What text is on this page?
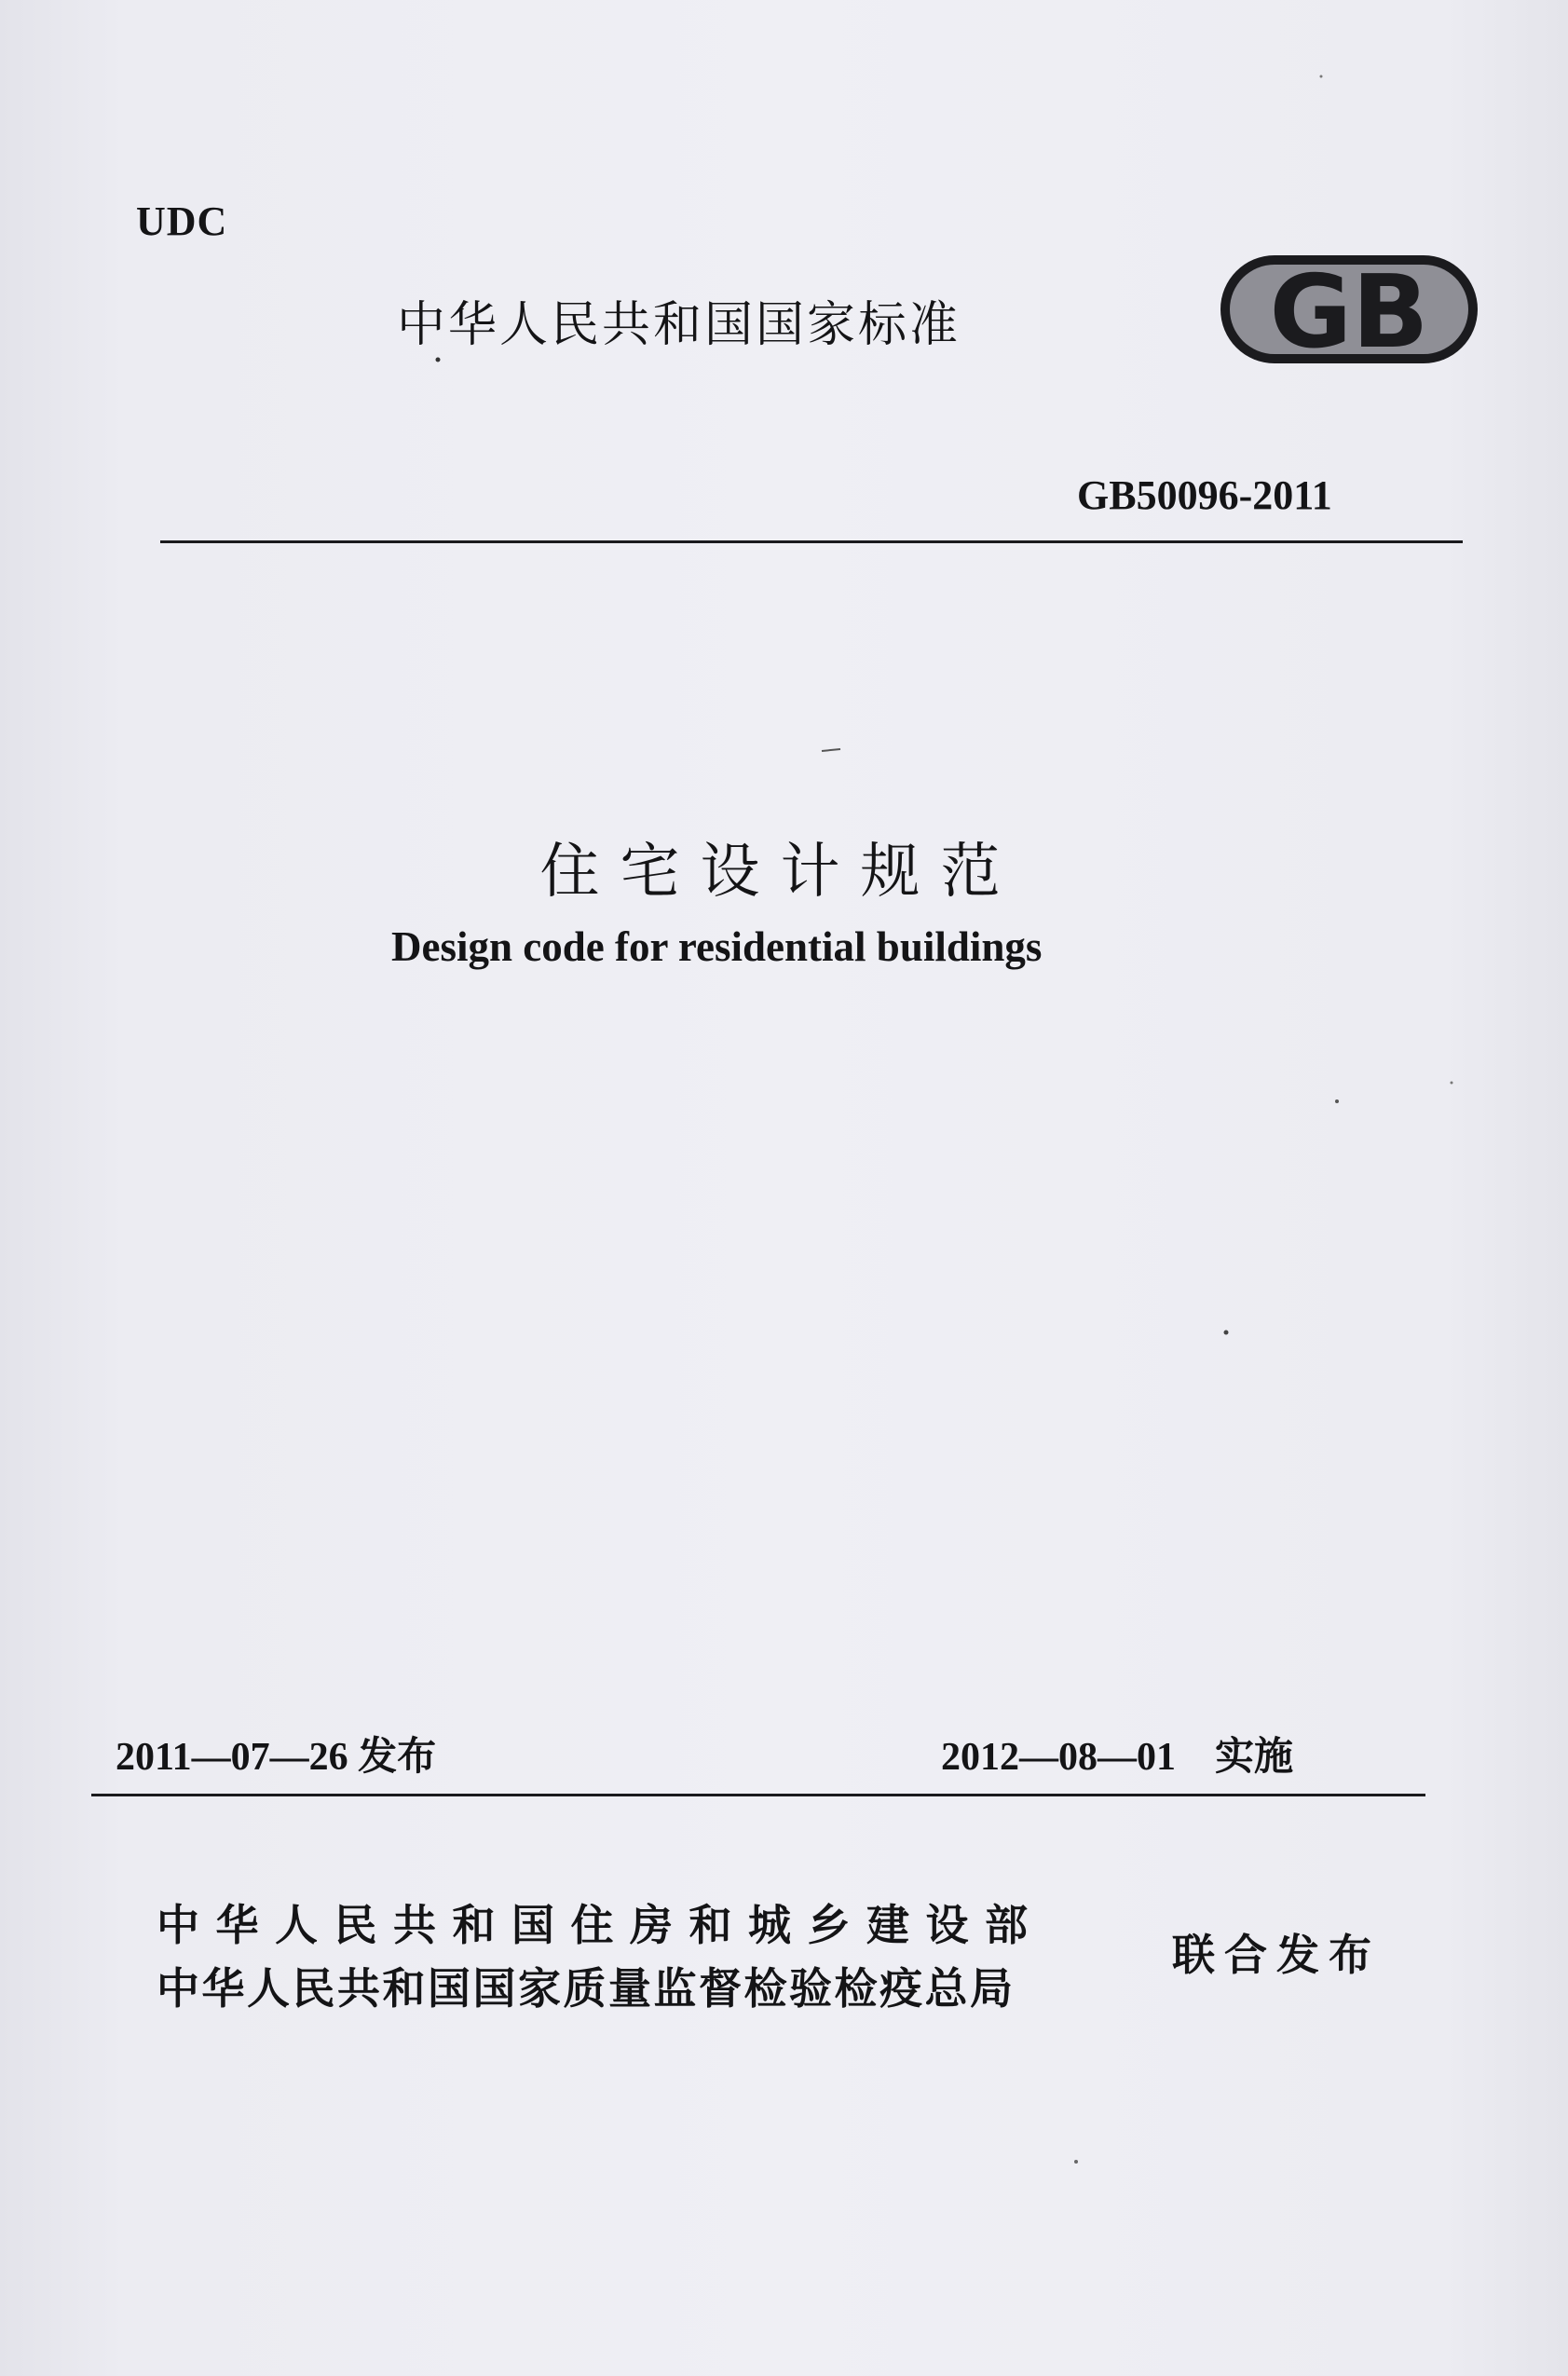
UDC
中华人民共和国国家标准	GB
GB50096-2011
住宅设计规范
Design code for residential buildings
2011—07—26 发布	2012—08—01　实施
中华人民共和国住房和城乡建设部
中华人民共和国国家质量监督检验检疫总局
联合发布
